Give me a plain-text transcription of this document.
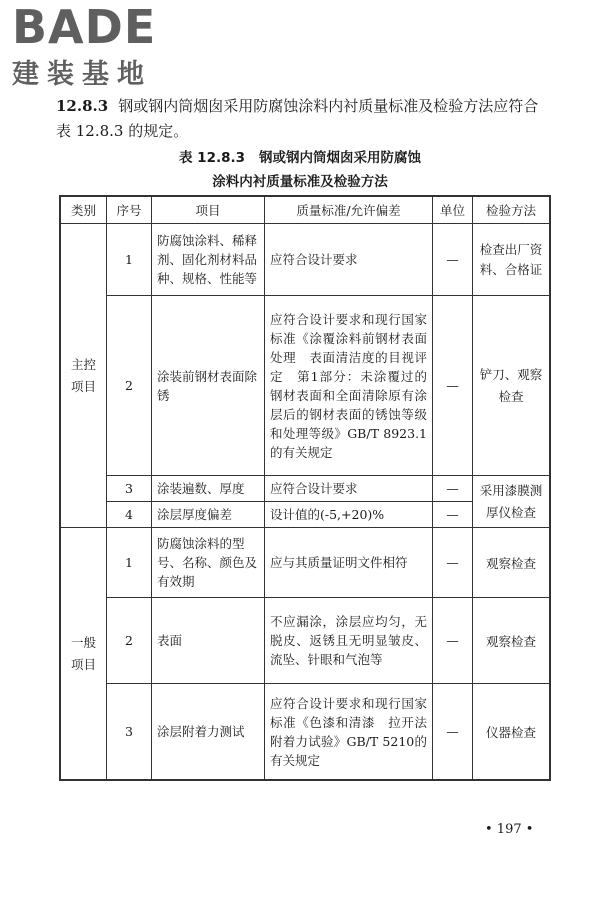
BADE
建装基地
12.8.3 钢或钢内筒烟囱采用防腐蚀涂料内衬质量标准及检验方法应符合表 12.8.3 的规定。
表 12.8.3 钢或钢内筒烟囱采用防腐蚀
涂料内衬质量标准及检验方法
类别	序号	项目	质量标准/允许偏差	单位	检验方法

主控项目	1	防腐蚀涂料、稀释剂、固化剂材料品种、规格、性能等	应符合设计要求	—	检查出厂资料、合格证
	2	涂装前钢材表面除锈	应符合设计要求和现行国家标准《涂覆涂料前钢材表面处理　表面清洁度的目视评定　第1部分：未涂覆过的钢材表面和全面清除原有涂层后的钢材表面的锈蚀等级和处理等级》GB/T 8923.1的有关规定	—	铲刀、观察检查
	3	涂装遍数、厚度	应符合设计要求	—	采用漆膜测厚仪检查
	4	涂层厚度偏差	设计值的(-5,+20)%	—	

一般项目	1	防腐蚀涂料的型号、名称、颜色及有效期	应与其质量证明文件相符	—	观察检查
	2	表面	不应漏涂，涂层应均匀，无脱皮、返锈且无明显皱皮、流坠、针眼和气泡等	—	观察检查
	3	涂层附着力测试	应符合设计要求和现行国家标准《色漆和清漆　拉开法附着力试验》GB/T 5210的有关规定	—	仪器检查
• 197 •
